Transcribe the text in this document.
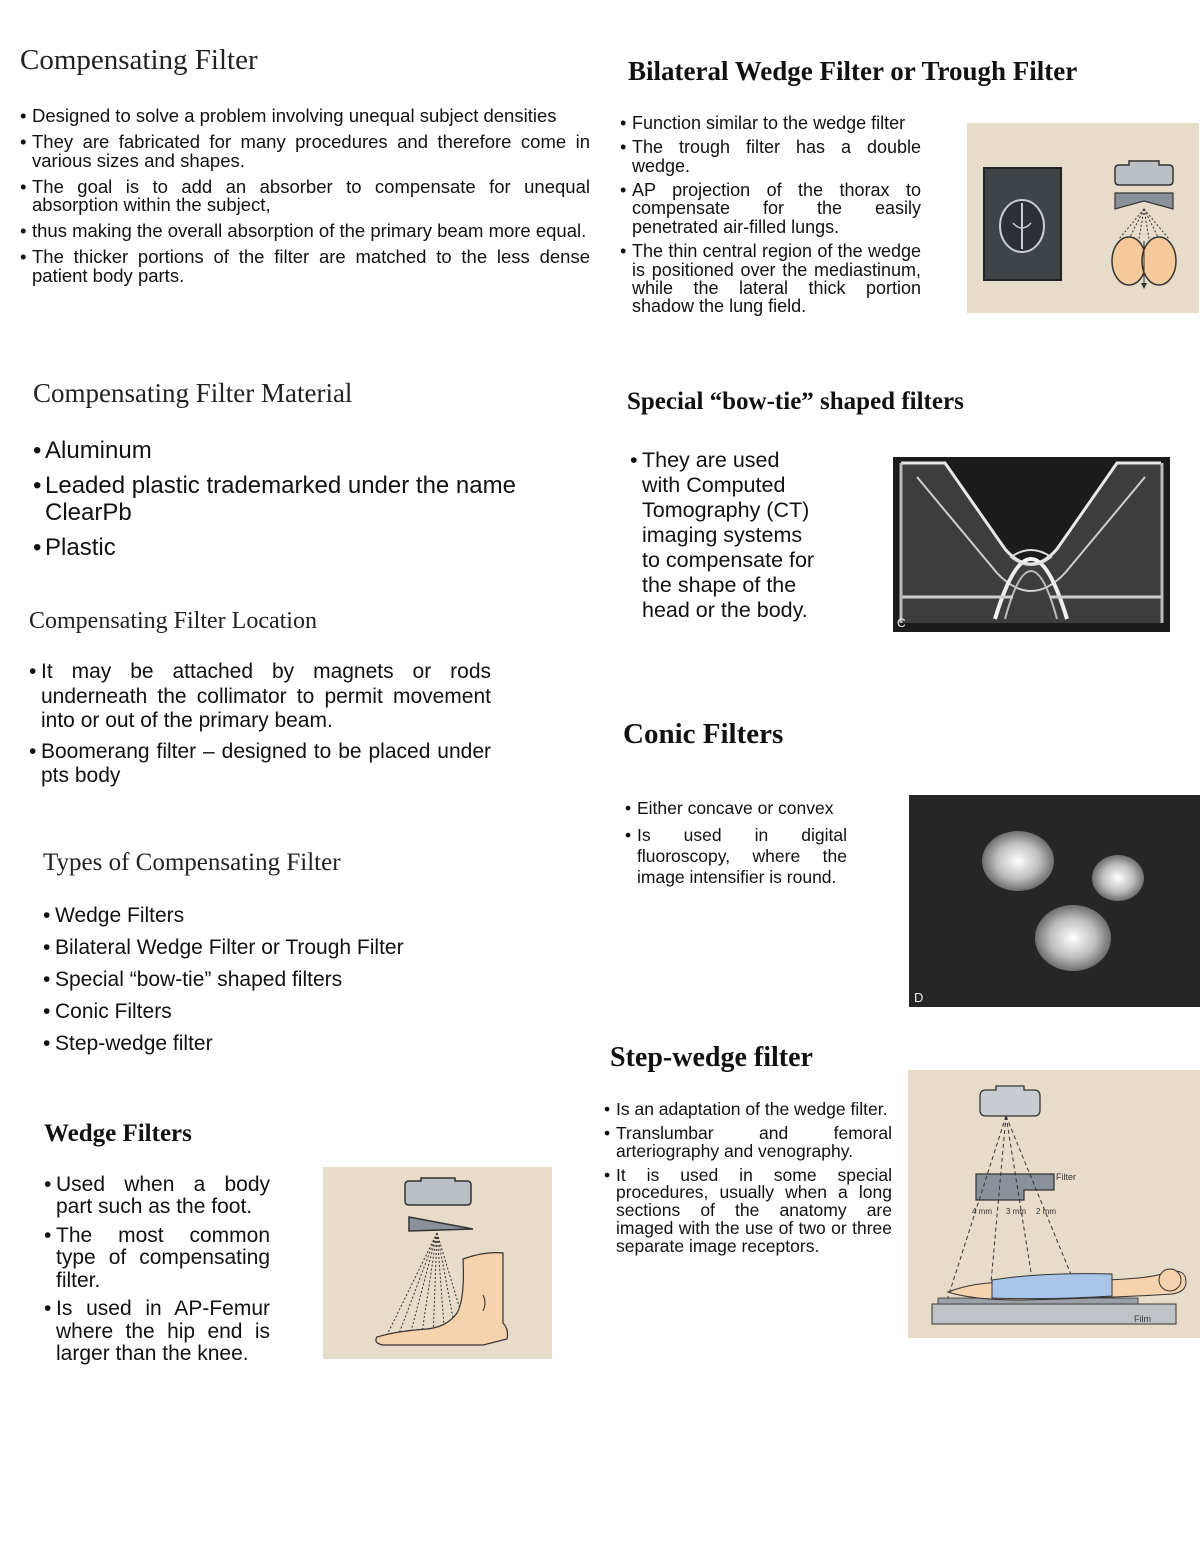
Compensating Filter
• Designed to solve a problem involving unequal subject densities
• They are fabricated for many procedures and therefore come in various sizes and shapes.
• The goal is to add an absorber to compensate for unequal absorption within the subject,
• thus making the overall absorption of the primary beam more equal.
• The thicker portions of the filter are matched to the less dense patient body parts.
Compensating Filter Material
• Aluminum
• Leaded plastic trademarked under the name ClearPb
• Plastic
Compensating Filter Location
• It may be attached by magnets or rods underneath the collimator to permit movement into or out of the primary beam.
• Boomerang filter – designed to be placed under pts body
Types of Compensating Filter
• Wedge Filters
• Bilateral Wedge Filter or Trough Filter
• Special “bow-tie” shaped filters
• Conic Filters
• Step-wedge filter
Wedge Filters
• Used when a body part such as the foot.
• The most common type of compensating filter.
• Is used in AP-Femur where the hip end is larger than the knee.
Bilateral Wedge Filter or Trough Filter
• Function similar to the wedge filter
• The trough filter has a double wedge.
• AP projection of the thorax to compensate for the easily penetrated air-filled lungs.
• The thin central region of the wedge is positioned over the mediastinum, while the lateral thick portion shadow the lung field.
Special “bow-tie” shaped filters
• They are used with Computed Tomography (CT) imaging systems to compensate for the shape of the head or the body.
C
Conic Filters
• Either concave or convex
• Is used in digital fluoroscopy, where the image intensifier is round.
D
Step-wedge filter
• Is an adaptation of the wedge filter.
• Translumbar and femoral arteriography and venography.
• It is used in some special procedures, usually when a long sections of the anatomy are imaged with the use of two or three separate image receptors.
Filter
4 mm 3 mm 2 mm
Film
